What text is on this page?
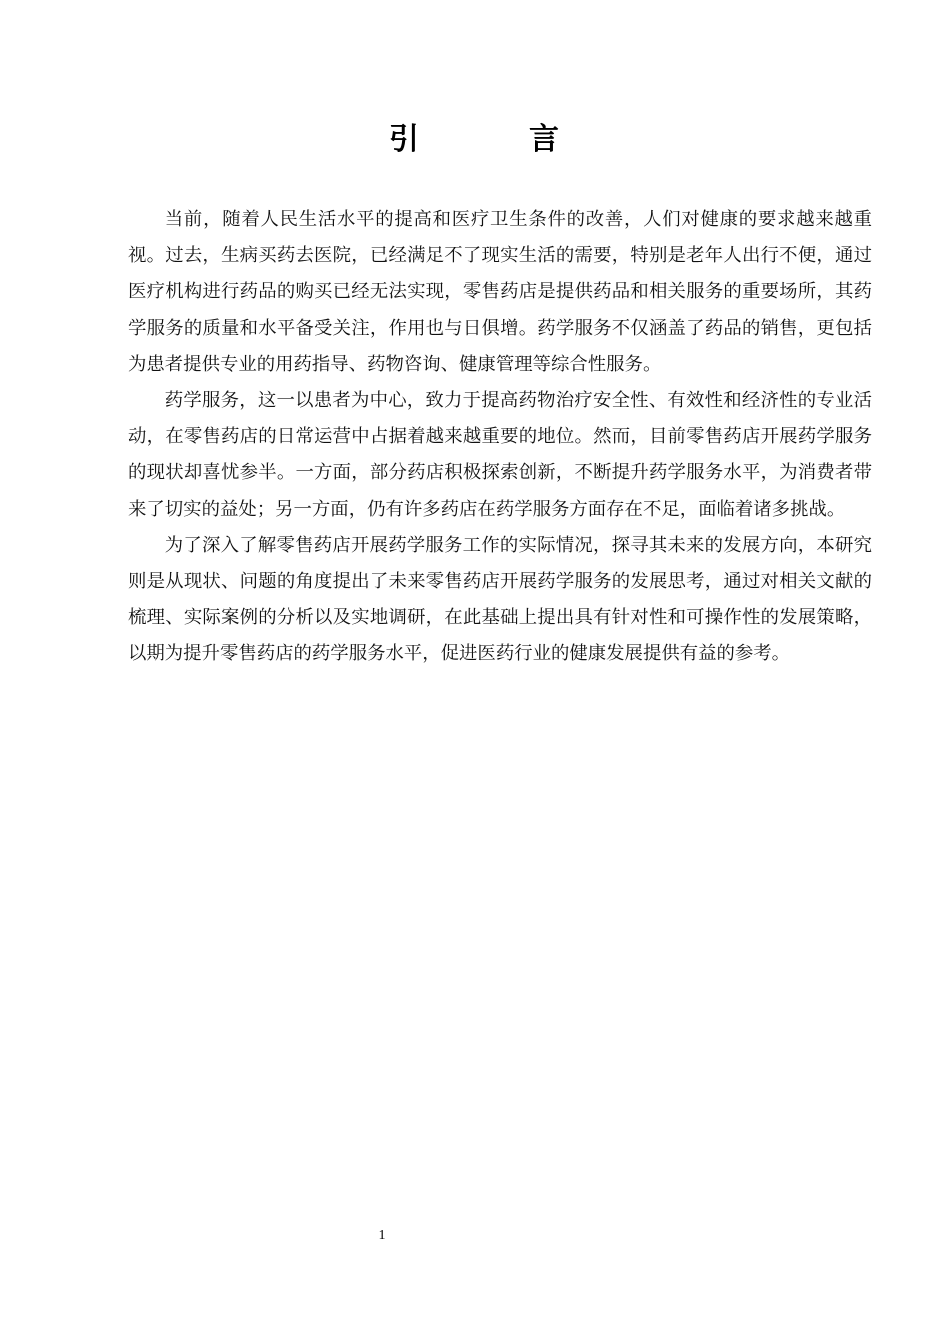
引　言

当前，随着人民生活水平的提高和医疗卫生条件的改善，人们对健康的要求越来越重视。过去，生病买药去医院，已经满足不了现实生活的需要，特别是老年人出行不便，通过医疗机构进行药品的购买已经无法实现，零售药店是提供药品和相关服务的重要场所，其药学服务的质量和水平备受关注，作用也与日俱增。药学服务不仅涵盖了药品的销售，更包括为患者提供专业的用药指导、药物咨询、健康管理等综合性服务。

药学服务，这一以患者为中心，致力于提高药物治疗安全性、有效性和经济性的专业活动，在零售药店的日常运营中占据着越来越重要的地位。然而，目前零售药店开展药学服务的现状却喜忧参半。一方面，部分药店积极探索创新，不断提升药学服务水平，为消费者带来了切实的益处；另一方面，仍有许多药店在药学服务方面存在不足，面临着诸多挑战。

为了深入了解零售药店开展药学服务工作的实际情况，探寻其未来的发展方向，本研究则是从现状、问题的角度提出了未来零售药店开展药学服务的发展思考，通过对相关文献的梳理、实际案例的分析以及实地调研，在此基础上提出具有针对性和可操作性的发展策略，以期为提升零售药店的药学服务水平，促进医药行业的健康发展提供有益的参考。

1
